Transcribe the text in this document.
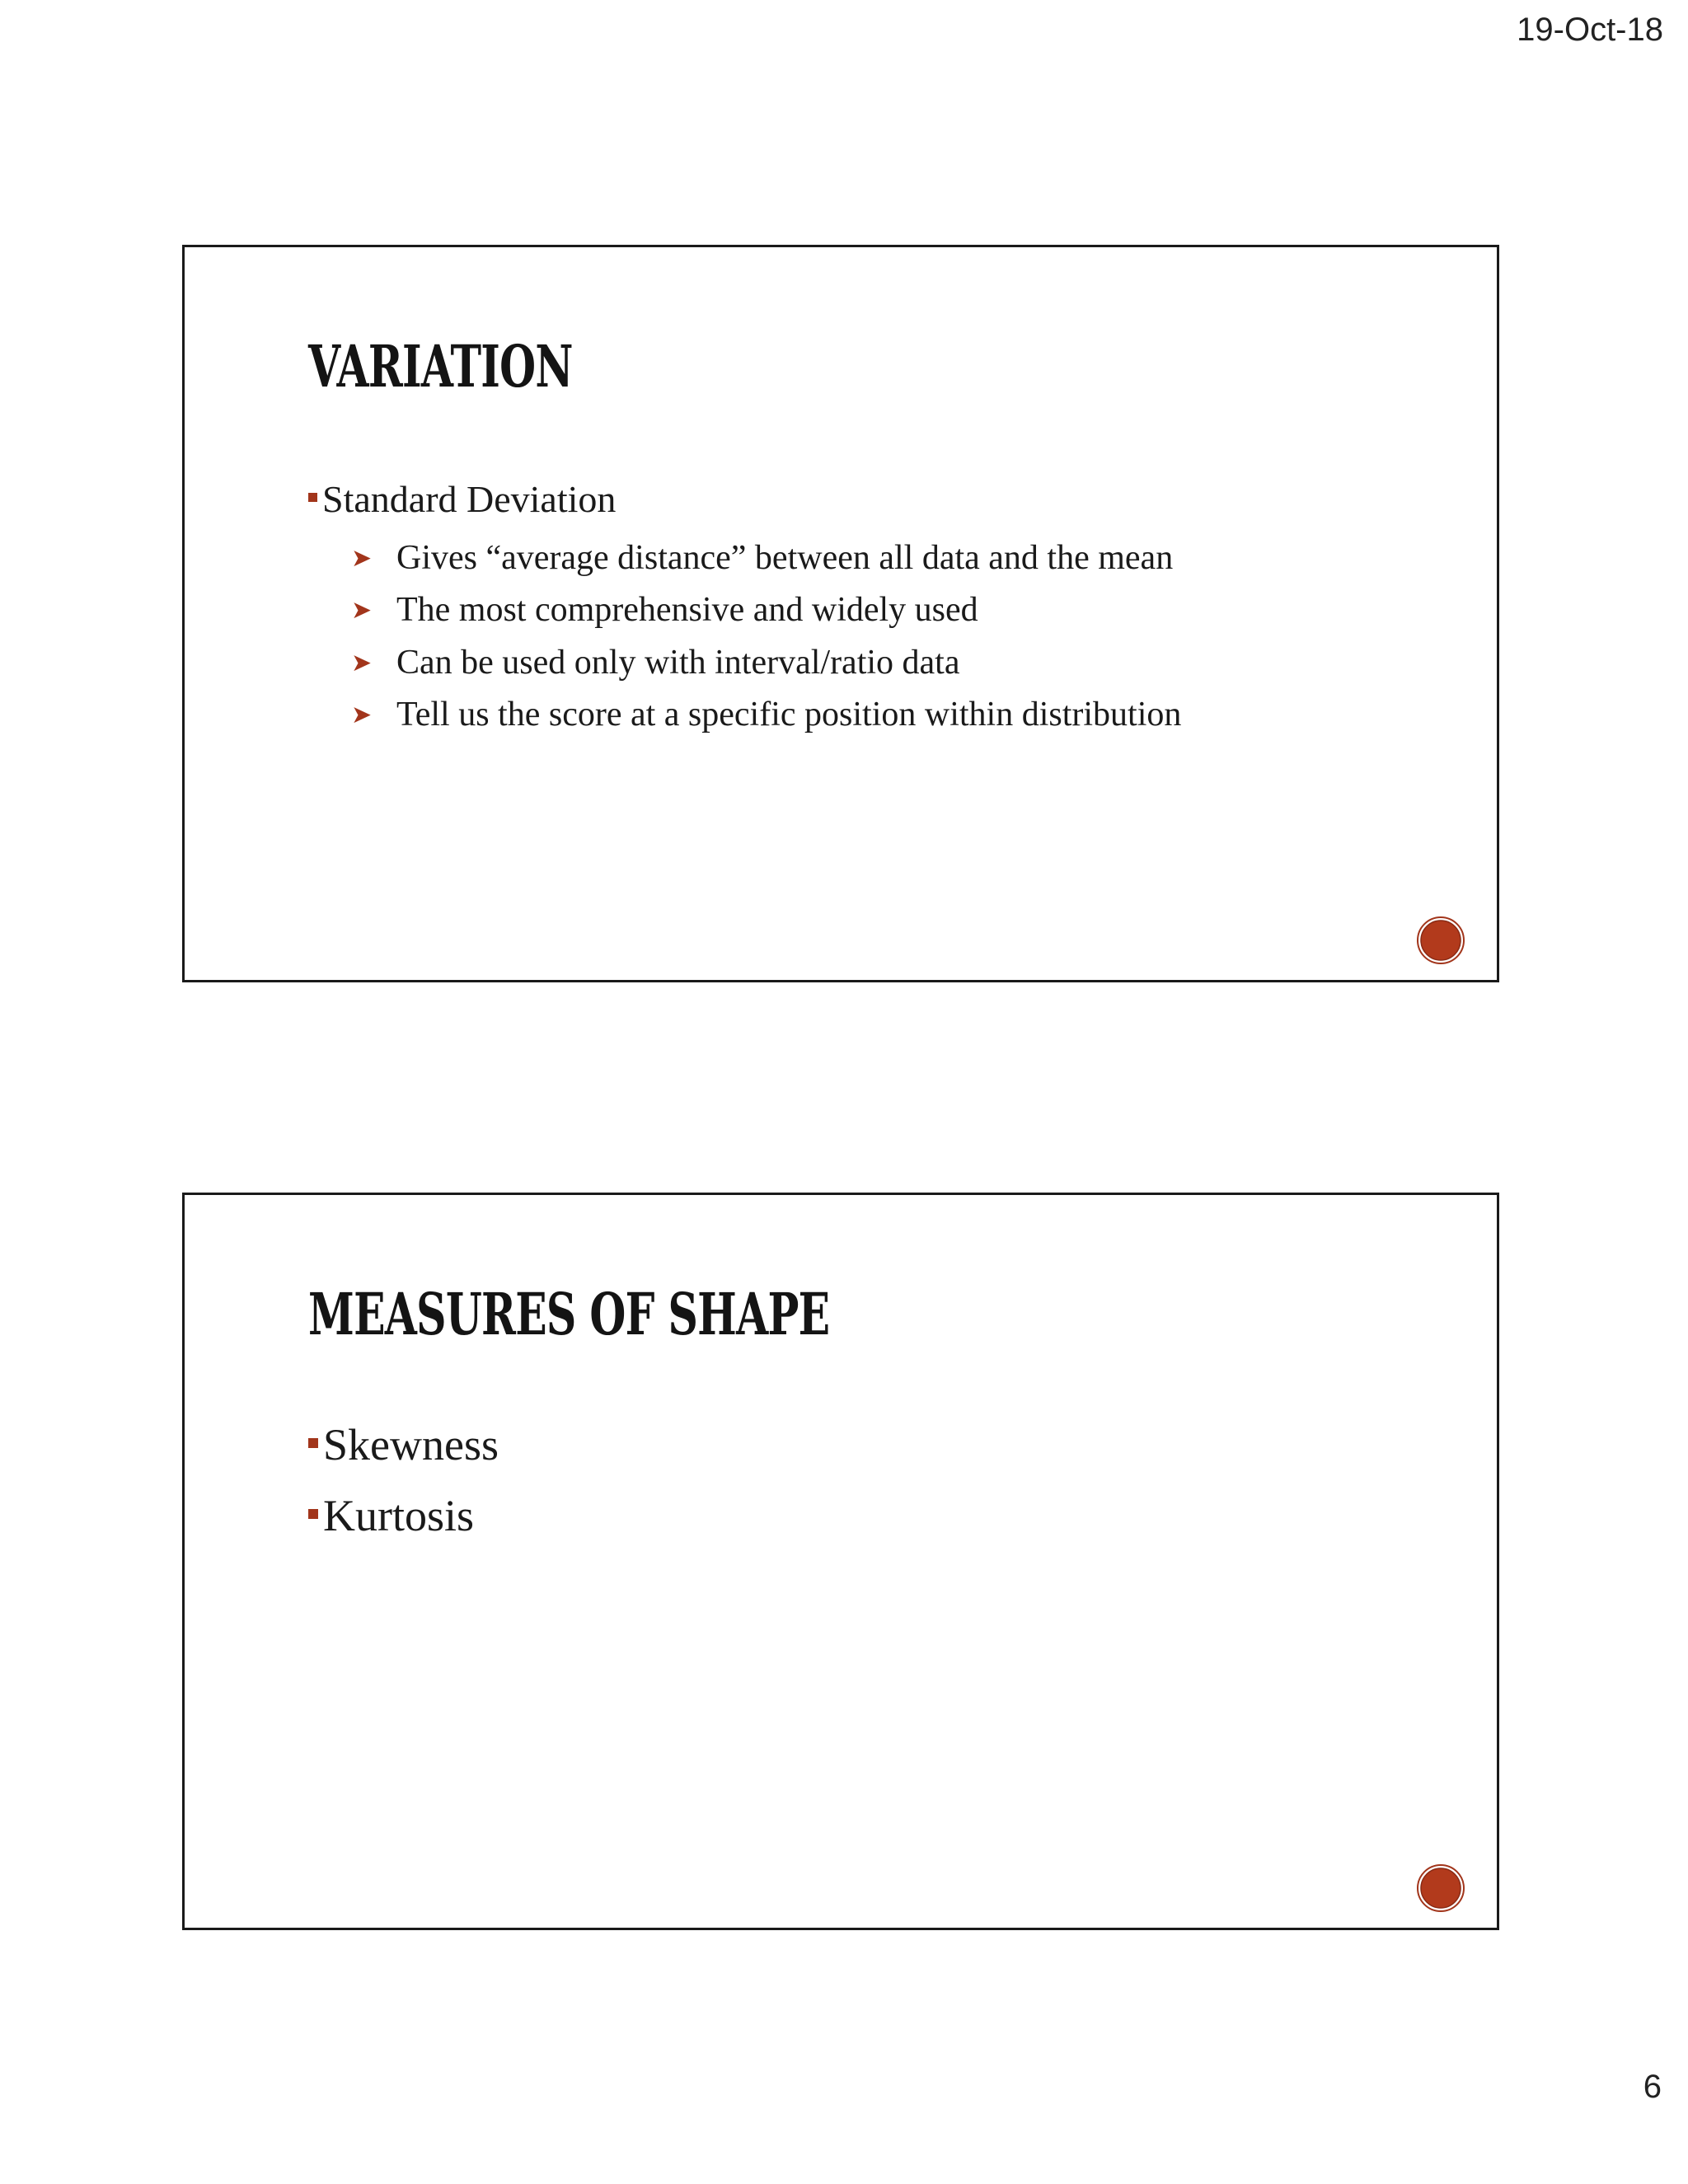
19-Oct-18
VARIATION
Standard Deviation
➤ Gives “average distance” between all data and the mean
➤ The most comprehensive and widely used
➤ Can be used only with interval/ratio data
➤ Tell us the score at a specific position within distribution
MEASURES OF SHAPE
Skewness
Kurtosis
6
